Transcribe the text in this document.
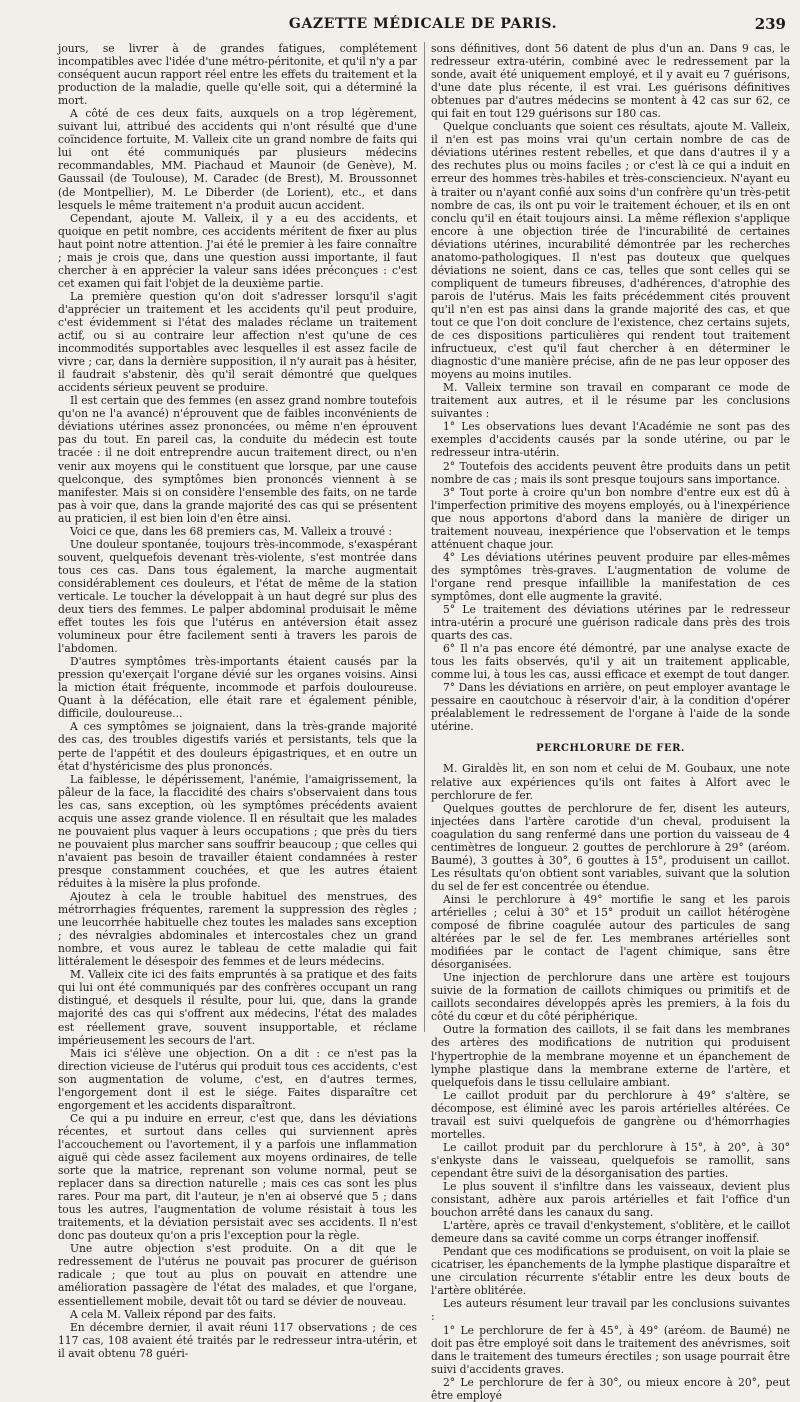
GAZETTE MÉDICALE DE PARIS.	239

jours, se livrer à de grandes fatigues, complétement incompatibles avec l'idée d'une métro-péritonite, et qu'il n'y a par conséquent aucun rapport réel entre les effets du traitement et la production de la maladie, quelle qu'elle soit, qui a déterminé la mort.

A côté de ces deux faits, auxquels on a trop légèrement, suivant lui, attribué des accidents qui n'ont résulté que d'une coïncidence fortuite, M. Valleix cite un grand nombre de faits qui lui ont été communiqués par plusieurs médecins recommandables, MM. Piachaud et Maunoir (de Genève), M. Gaussail (de Toulouse), M. Caradec (de Brest), M. Broussonnet (de Montpellier), M. Le Diberder (de Lorient), etc., et dans lesquels le même traitement n'a produit aucun accident.

Cependant, ajoute M. Valleix, il y a eu des accidents, et quoique en petit nombre, ces accidents méritent de fixer au plus haut point notre attention. J'ai été le premier à les faire connaître ; mais je crois que, dans une question aussi importante, il faut chercher à en apprécier la valeur sans idées préconçues : c'est cet examen qui fait l'objet de la deuxième partie.

La première question qu'on doit s'adresser lorsqu'il s'agit d'apprécier un traitement et les accidents qu'il peut produire, c'est évidemment si l'état des malades réclame un traitement actif, ou si au contraire leur affection n'est qu'une de ces incommodités supportables avec lesquelles il est assez facile de vivre ; car, dans la dernière supposition, il n'y aurait pas à hésiter, il faudrait s'abstenir, dès qu'il serait démontré que quelques accidents sérieux peuvent se produire.

Il est certain que des femmes (en assez grand nombre toutefois qu'on ne l'a avancé) n'éprouvent que de faibles inconvénients de déviations utérines assez prononcées, ou même n'en éprouvent pas du tout. En pareil cas, la conduite du médecin est toute tracée : il ne doit entreprendre aucun traitement direct, ou n'en venir aux moyens qui le constituent que lorsque, par une cause quelconque, des symptômes bien prononcés viennent à se manifester. Mais si on considère l'ensemble des faits, on ne tarde pas à voir que, dans la grande majorité des cas qui se présentent au praticien, il est bien loin d'en être ainsi.

Voici ce que, dans les 68 premiers cas, M. Valleix a trouvé :

Une douleur spontanée, toujours très-incommode, s'exaspérant souvent, quelquefois devenant très-violente, s'est montrée dans tous ces cas. Dans tous également, la marche augmentait considérablement ces douleurs, et l'état de même de la station verticale. Le toucher la développait à un haut degré sur plus des deux tiers des femmes. Le palper abdominal produisait le même effet toutes les fois que l'utérus en antéversion était assez volumineux pour être facilement senti à travers les parois de l'abdomen.

D'autres symptômes très-importants étaient causés par la pression qu'exerçait l'organe dévié sur les organes voisins. Ainsi la miction était fréquente, incommode et parfois douloureuse. Quant à la défécation, elle était rare et également pénible, difficile, douloureuse...

A ces symptômes se joignaient, dans la très-grande majorité des cas, des troubles digestifs variés et persistants, tels que la perte de l'appétit et des douleurs épigastriques, et en outre un état d'hystéricisme des plus prononcés.

La faiblesse, le dépérissement, l'anémie, l'amaigrissement, la pâleur de la face, la flaccidité des chairs s'observaient dans tous les cas, sans exception, où les symptômes précédents avaient acquis une assez grande violence. Il en résultait que les malades ne pouvaient plus vaquer à leurs occupations ; que près du tiers ne pouvaient plus marcher sans souffrir beaucoup ; que celles qui n'avaient pas besoin de travailler étaient condamnées à rester presque constamment couchées, et que les autres étaient réduites à la misère la plus profonde.

Ajoutez à cela le trouble habituel des menstrues, des métrorrhagies fréquentes, rarement la suppression des règles ; une leucorrhée habituelle chez toutes les malades sans exception ; des névralgies abdominales et intercostales chez un grand nombre, et vous aurez le tableau de cette maladie qui fait littéralement le désespoir des femmes et de leurs médecins.

M. Valleix cite ici des faits empruntés à sa pratique et des faits qui lui ont été communiqués par des confrères occupant un rang distingué, et desquels il résulte, pour lui, que, dans la grande majorité des cas qui s'offrent aux médecins, l'état des malades est réellement grave, souvent insupportable, et réclame impérieusement les secours de l'art.

Mais ici s'élève une objection. On a dit : ce n'est pas la direction vicieuse de l'utérus qui produit tous ces accidents, c'est son augmentation de volume, c'est, en d'autres termes, l'engorgement dont il est le siége. Faites disparaître cet engorgement et les accidents disparaîtront.

Ce qui a pu induire en erreur, c'est que, dans les déviations récentes, et surtout dans celles qui surviennent après l'accouchement ou l'avortement, il y a parfois une inflammation aiguë qui cède assez facilement aux moyens ordinaires, de telle sorte que la matrice, reprenant son volume normal, peut se replacer dans sa direction naturelle ; mais ces cas sont les plus rares. Pour ma part, dit l'auteur, je n'en ai observé que 5 ; dans tous les autres, l'augmentation de volume résistait à tous les traitements, et la déviation persistait avec ses accidents. Il n'est donc pas douteux qu'on a pris l'exception pour la règle.

Une autre objection s'est produite. On a dit que le redressement de l'utérus ne pouvait pas procurer de guérison radicale ; que tout au plus on pouvait en attendre une amélioration passagère de l'état des malades, et que l'organe, essentiellement mobile, devait tôt ou tard se dévier de nouveau.

A cela M. Valleix répond par des faits.

En décembre dernier, il avait réuni 117 observations ; de ces 117 cas, 108 avaient été traités par le redresseur intra-utérin, et il avait obtenu 78 guéri-

sons définitives, dont 56 datent de plus d'un an. Dans 9 cas, le redresseur extra-utérin, combiné avec le redressement par la sonde, avait été uniquement employé, et il y avait eu 7 guérisons, d'une date plus récente, il est vrai. Les guérisons définitives obtenues par d'autres médecins se montent à 42 cas sur 62, ce qui fait en tout 129 guérisons sur 180 cas.

Quelque concluants que soient ces résultats, ajoute M. Valleix, il n'en est pas moins vrai qu'un certain nombre de cas de déviations utérines restent rebelles, et que dans d'autres il y a des rechutes plus ou moins faciles ; or c'est là ce qui a induit en erreur des hommes très-habiles et très-consciencieux. N'ayant eu à traiter ou n'ayant confié aux soins d'un confrère qu'un très-petit nombre de cas, ils ont pu voir le traitement échouer, et ils en ont conclu qu'il en était toujours ainsi. La même réflexion s'applique encore à une objection tirée de l'incurabilité de certaines déviations utérines, incurabilité démontrée par les recherches anatomo-pathologiques. Il n'est pas douteux que quelques déviations ne soient, dans ce cas, telles que sont celles qui se compliquent de tumeurs fibreuses, d'adhérences, d'atrophie des parois de l'utérus. Mais les faits précédemment cités prouvent qu'il n'en est pas ainsi dans la grande majorité des cas, et que tout ce que l'on doit conclure de l'existence, chez certains sujets, de ces dispositions particulières qui rendent tout traitement infructueux, c'est qu'il faut chercher à en déterminer le diagnostic d'une manière précise, afin de ne pas leur opposer des moyens au moins inutiles.

M. Valleix termine son travail en comparant ce mode de traitement aux autres, et il le résume par les conclusions suivantes :

1° Les observations lues devant l'Académie ne sont pas des exemples d'accidents causés par la sonde utérine, ou par le redresseur intra-utérin.

2° Toutefois des accidents peuvent être produits dans un petit nombre de cas ; mais ils sont presque toujours sans importance.

3° Tout porte à croire qu'un bon nombre d'entre eux est dû à l'imperfection primitive des moyens employés, ou à l'inexpérience que nous apportons d'abord dans la manière de diriger un traitement nouveau, inexpérience que l'observation et le temps atténuent chaque jour.

4° Les déviations utérines peuvent produire par elles-mêmes des symptômes très-graves. L'augmentation de volume de l'organe rend presque infaillible la manifestation de ces symptômes, dont elle augmente la gravité.

5° Le traitement des déviations utérines par le redresseur intra-utérin a procuré une guérison radicale dans près des trois quarts des cas.

6° Il n'a pas encore été démontré, par une analyse exacte de tous les faits observés, qu'il y ait un traitement applicable, comme lui, à tous les cas, aussi efficace et exempt de tout danger.

7° Dans les déviations en arrière, on peut employer avantage le pessaire en caoutchouc à réservoir d'air, à la condition d'opérer préalablement le redressement de l'organe à l'aide de la sonde utérine.

PERCHLORURE DE FER.

M. Giraldès lit, en son nom et celui de M. Goubaux, une note relative aux expériences qu'ils ont faites à Alfort avec le perchlorure de fer.

Quelques gouttes de perchlorure de fer, disent les auteurs, injectées dans l'artère carotide d'un cheval, produisent la coagulation du sang renfermé dans une portion du vaisseau de 4 centimètres de longueur. 2 gouttes de perchlorure à 29° (aréom. Baumé), 3 gouttes à 30°, 6 gouttes à 15°, produisent un caillot. Les résultats qu'on obtient sont variables, suivant que la solution du sel de fer est concentrée ou étendue.

Ainsi le perchlorure à 49° mortifie le sang et les parois artérielles ; celui à 30° et 15° produit un caillot hétérogène composé de fibrine coagulée autour des particules de sang altérées par le sel de fer. Les membranes artérielles sont modifiées par le contact de l'agent chimique, sans être désorganisées.

Une injection de perchlorure dans une artère est toujours suivie de la formation de caillots chimiques ou primitifs et de caillots secondaires développés après les premiers, à la fois du côté du cœur et du côté périphérique.

Outre la formation des caillots, il se fait dans les membranes des artères des modifications de nutrition qui produisent l'hypertrophie de la membrane moyenne et un épanchement de lymphe plastique dans la membrane externe de l'artère, et quelquefois dans le tissu cellulaire ambiant.

Le caillot produit par du perchlorure à 49° s'altère, se décompose, est éliminé avec les parois artérielles altérées. Ce travail est suivi quelquefois de gangrène ou d'hémorrhagies mortelles.

Le caillot produit par du perchlorure à 15°, à 20°, à 30° s'enkyste dans le vaisseau, quelquefois se ramollit, sans cependant être suivi de la désorganisation des parties.

Le plus souvent il s'infiltre dans les vaisseaux, devient plus consistant, adhère aux parois artérielles et fait l'office d'un bouchon arrêté dans les canaux du sang.

L'artère, après ce travail d'enkystement, s'oblitère, et le caillot demeure dans sa cavité comme un corps étranger inoffensif.

Pendant que ces modifications se produisent, on voit la plaie se cicatriser, les épanchements de la lymphe plastique disparaître et une circulation récurrente s'établir entre les deux bouts de l'artère oblitérée.

Les auteurs résument leur travail par les conclusions suivantes :

1° Le perchlorure de fer à 45°, à 49° (aréom. de Baumé) ne doit pas être employé soit dans le traitement des anévrismes, soit dans le traitement des tumeurs érectiles ; son usage pourrait être suivi d'accidents graves.

2° Le perchlorure de fer à 30°, ou mieux encore à 20°, peut être employé
